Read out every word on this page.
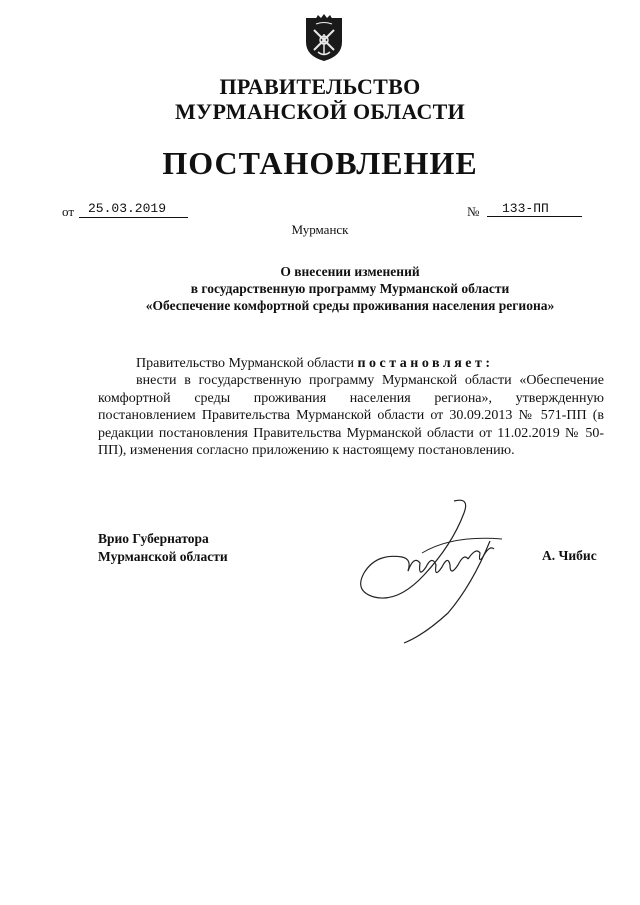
ПРАВИТЕЛЬСТВО
МУРМАНСКОЙ ОБЛАСТИ
ПОСТАНОВЛЕНИЕ
от	25.03.2019	№	133-ПП
Мурманск
О внесении изменений
в государственную программу Мурманской области
«Обеспечение комфортной среды проживания населения региона»

Правительство Мурманской области постановляет:

внести в государственную программу Мурманской области «Обеспечение комфортной среды проживания населения региона», утвержденную постановлением Правительства Мурманской области от 30.09.2013 № 571-ПП (в редакции постановления Правительства Мурманской области от 11.02.2019 № 50-ПП), изменения согласно приложению к настоящему постановлению.

Врио Губернатора
Мурманской области	А. Чибис
